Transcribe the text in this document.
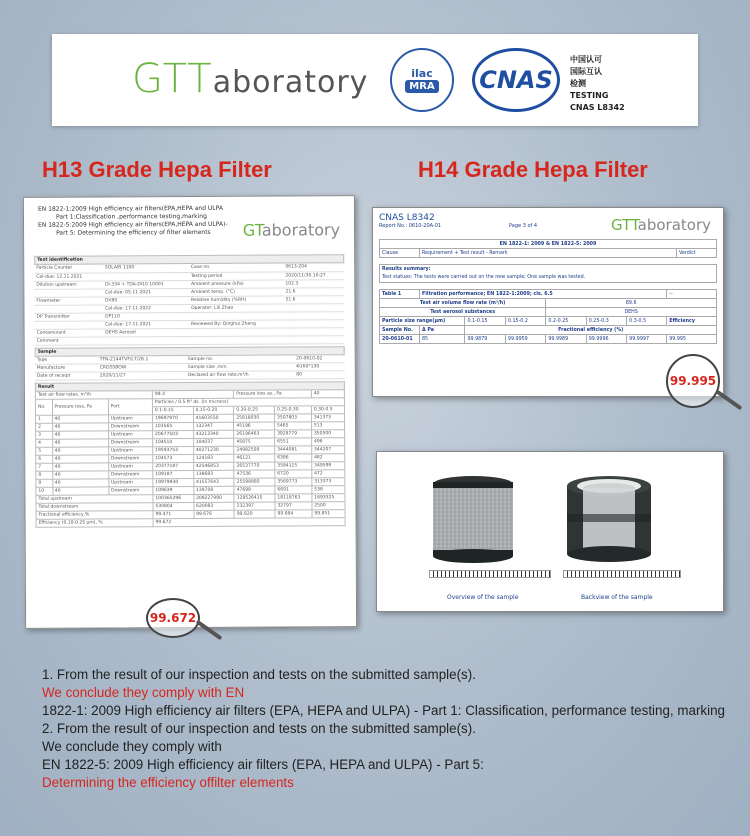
GTTaboratory	ilac
MRA	CNAS
中国认可
国际互认
检测
TESTING
CNAS L8342
H13 Grade Hepa Filter	H14 Grade Hepa Filter
EN 1822-1:2009 High efficiency air filters(EPA,HEPA and ULPA
Part 1:Classification ,performance testing,marking
EN 1822-5:2009 High efficiency air filters(EPA,HEPA and ULPA)-
Part 5: Determining the efficiency of filter elements	GTaboratory
Test identification
Particle Counter	SOLAIR 1100	Case no.	0613-204
Cal-due: 12.11.2021		Testing period	2020/11/30 10:27
Dilution upstream	DI-334 + TDA-DI10 10001	Ambient pressure (kPa)	102.3
	Cal-due: 05.11.2021	Ambient temp. (°C)	21.6
Flowmeter	DV80	Relative humidity (%RH)	51.6
	Cal-due: 17.11.2022	Operator: Lili Zhao	
DP Transmitter	DP110		
	Cal-due: 17.11.2021	Reviewed By: Qinghui Zheng	
Contaminant	DEHS Aerosol		
Comment			
Sample
Type	TFN-2144TVF/L7/26.1	Sample no.	20-0610-02
Manufacture	CROSSBOW	Sample size ,mm	Φ160*130
Date of receipt	2020/11/27	Declared air flow rate,m³/h	80
Result							
Test air flow rates, m³/h			99.3		Pressure loss as., Pa		40
No.	Pressure loss, Pa	Port	Particles / 0.5 ft³ ds. (in microns)				
			0.1-0.15	0.15-0.20	0.20-0.25	0.25-0.30	0.30-0.5
1	40	Upstream	19697970	41603550	25818030	3507803	341373
2	40	Downstream	103565	132347	45196	5465	513
3	40	Upstream	20677503	43213340	26196463	3928779	350500
4	40	Downstream	104510	104037	45875	6551	496
5	40	Upstream	19593753	40271230	24982509	3444081	344207
6	40	Downstream	104573	124183	46121	6386	482
7	40	Upstream	20377187	42546853	26537770	3584115	349599
8	40	Downstream	109187	138683	47536	6720	472
9	40	Upstream	19979930	41557643	25598880	3569773	313373
10	40	Downstream	109639	139708	47698	6691	538
Total upstream			100365296	209227990	128526415	18118763	1693325
Total downstream			530804	620083	232397	32797	2500
Fractional efficiency,%			99.471	99.676	99.820	99.884	99.851
Efficiency (0.10-0.25 μm), %			99.672				
99.672
CNAS L8342
Report No.: 0610-20A-01	Page 3 of 4	GTTaboratory
EN 1822-1: 2009 & EN 1822-5: 2009
Clause	Requirement + Test result - Remark	Verdict
Results summary:
Test statues: The tests were carried out on the new sample; One sample was tested.
Table 1	Filtration performance; EN 1822-1:2009; cls. 6.5						--
Test air volume flow rate (m³/h)				89.6			
Test aerosol substances				DEHS			
Particle size range(μm)		0.1-0.15	0.15-0.2	0.2-0.25	0.25-0.3	0.3-0.5	Efficiency
Sample No.	Δ Pa	Fractional efficiency (%)					
20-0610-01	85	99.9879	99.9959	99.9989	99.9996	99.9997	99.995
99.995
Overview of the sample	Backview of the sample
1. From the result of our inspection and tests on the submitted sample(s).
We conclude they comply with EN
1822-1: 2009 High efficiency air filters (EPA, HEPA and ULPA) - Part 1: Classification, performance testing, marking
2. From the result of our inspection and tests on the submitted sample(s).
We conclude they comply with
EN 1822-5: 2009 High efficiency air filters (EPA, HEPA and ULPA) - Part 5:
Determining the efficiency offilter elements
